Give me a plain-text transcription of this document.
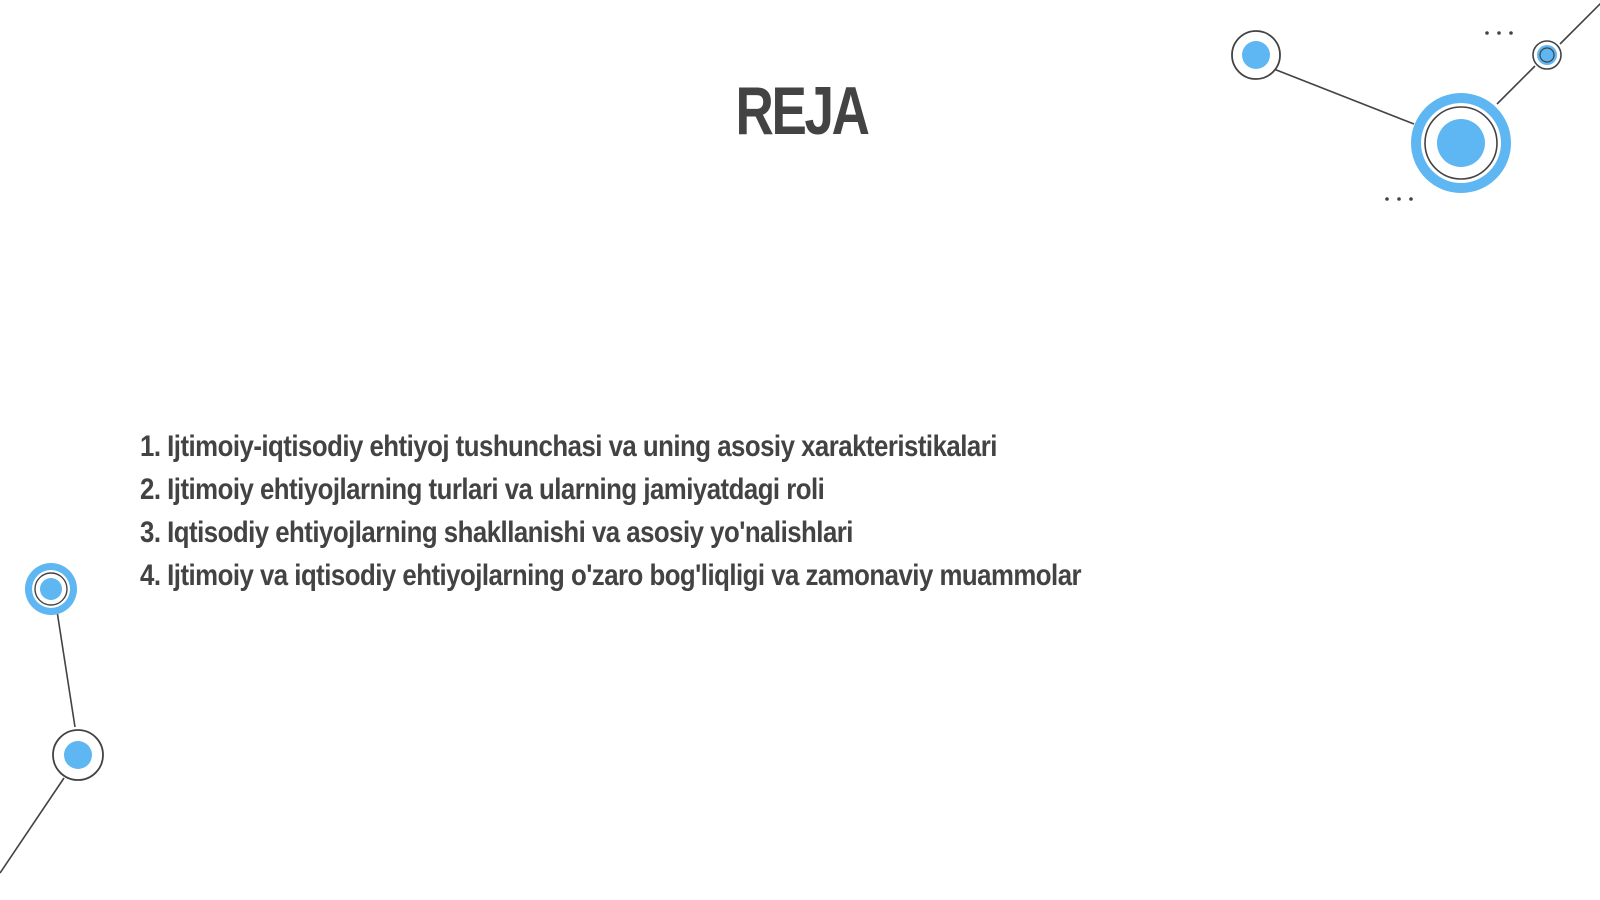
REJA
1. Ijtimoiy-iqtisodiy ehtiyoj tushunchasi va uning asosiy xarakteristikalari
2. Ijtimoiy ehtiyojlarning turlari va ularning jamiyatdagi roli
3. Iqtisodiy ehtiyojlarning shakllanishi va asosiy yo'nalishlari
4. Ijtimoiy va iqtisodiy ehtiyojlarning o'zaro bog'liqligi va zamonaviy muammolar
